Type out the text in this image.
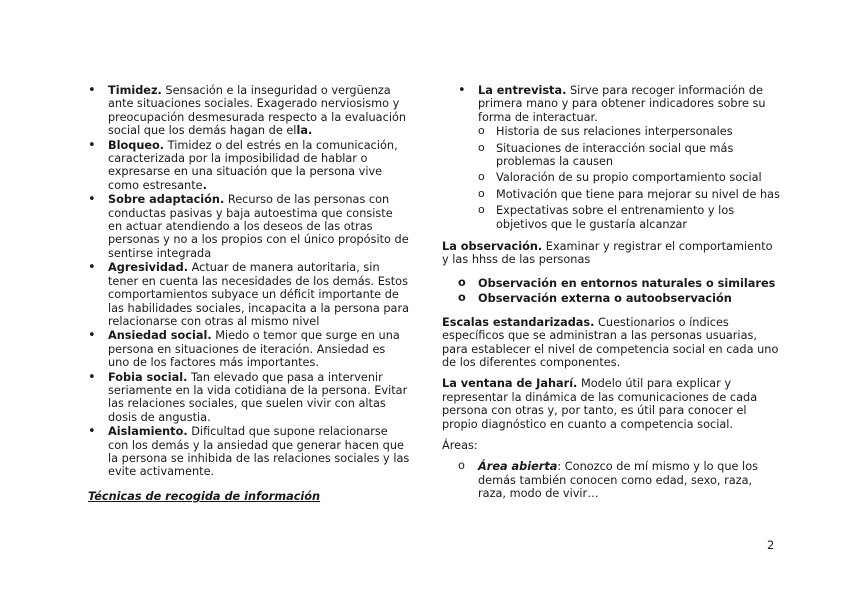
• Timidez. Sensación e la inseguridad o vergüenza ante situaciones sociales. Exagerado nerviosismo y preocupación desmesurada respecto a la evaluación social que los demás hagan de ella.
• Bloqueo. Timidez o del estrés en la comunicación, caracterizada por la imposibilidad de hablar o expresarse en una situación que la persona vive como estresante.
• Sobre adaptación. Recurso de las personas con conductas pasivas y baja autoestima que consiste en actuar atendiendo a los deseos de las otras personas y no a los propios con el único propósito de sentirse integrada
• Agresividad. Actuar de manera autoritaria, sin tener en cuenta las necesidades de los demás. Estos comportamientos subyace un déficit importante de las habilidades sociales, incapacita a la persona para relacionarse con otras al mismo nivel
• Ansiedad social. Miedo o temor que surge en una persona en situaciones de iteración. Ansiedad es uno de los factores más importantes.
• Fobia social. Tan elevado que pasa a intervenir seriamente en la vida cotidiana de la persona. Evitar las relaciones sociales, que suelen vivir con altas dosis de angustia.
• Aislamiento. Dificultad que supone relacionarse con los demás y la ansiedad que generar hacen que la persona se inhibida de las relaciones sociales y las evite activamente.

Técnicas de recogida de información

• La entrevista. Sirve para recoger información de primera mano y para obtener indicadores sobre su forma de interactuar.
o Historia de sus relaciones interpersonales
o Situaciones de interacción social que más problemas la causen
o Valoración de su propio comportamiento social
o Motivación que tiene para mejorar su nivel de has
o Expectativas sobre el entrenamiento y los objetivos que le gustaría alcanzar

La observación. Examinar y registrar el comportamiento y las hhss de las personas

o Observación en entornos naturales o similares
o Observación externa o autoobservación

Escalas estandarizadas. Cuestionarios o índices específicos que se administran a las personas usuarias, para establecer el nivel de competencia social en cada uno de los diferentes componentes.

La ventana de Jaharí. Modelo útil para explicar y representar la dinámica de las comunicaciones de cada persona con otras y, por tanto, es útil para conocer el propio diagnóstico en cuanto a competencia social.

Áreas:

o Área abierta: Conozco de mí mismo y lo que los demás también conocen como edad, sexo, raza, raza, modo de vivir…
2
